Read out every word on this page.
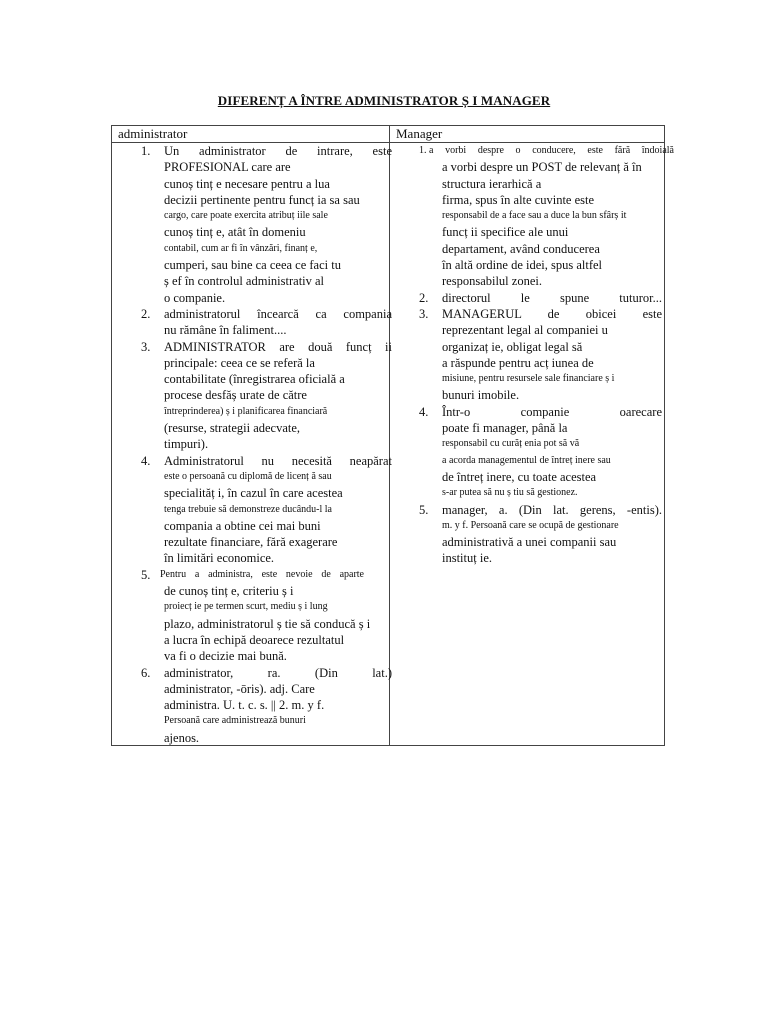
DIFERENȚ A ÎNTRE ADMINISTRATOR Ș I MANAGER
administrator	Manager
1. Un administrator de intrare, este
PROFESIONAL care are
cunoș tinț e necesare pentru a lua
decizii pertinente pentru funcț ia sa sau
cargo, care poate exercita atribuț iile sale
cunoș tinț e, atât în domeniu
contabil, cum ar fi în vânzări, finanț e,
cumperi, sau bine ca ceea ce faci tu
ș ef în controlul administrativ al
o companie.
2. administratorul încearcă ca compania
nu rămâne în faliment....
3. ADMINISTRATOR are două funcț ii
principale: ceea ce se referă la
contabilitate (înregistrarea oficială a
procese desfăș urate de către
întreprinderea) ș i planificarea financiară
(resurse, strategii adecvate,
timpuri).
4. Administratorul nu necesită neapărat
este o persoană cu diplomă de licenț ă sau
specialităț i, în cazul în care acestea
tenga trebuie să demonstreze ducându-l la
compania a obtine cei mai buni
rezultate financiare, fără exagerare
în limitări economice.
5. Pentru a administra, este nevoie de aparte
de cunoș tinț e, criteriu ș i
proiecț ie pe termen scurt, mediu ș i lung
plazo, administratorul ș tie să conducă ș i
a lucra în echipă deoarece rezultatul
va fi o decizie mai bună.
6. administrator, ra. (Din lat.)
administrator, -ōris). adj. Care
administra. U. t. c. s. || 2. m. y f.
Persoană care administrează bunuri
ajenos.
1. a vorbi despre o conducere, este fără îndoială
a vorbi despre un POST de relevanț ă în
structura ierarhică a
firma, spus în alte cuvinte este
responsabil de a face sau a duce la bun sfârș it
funcț ii specifice ale unui
departament, având conducerea
în altă ordine de idei, spus altfel
responsabilul zonei.
2. directorul le spune tuturor...
3. MANAGERUL de obicei este
reprezentant legal al companiei u
organizaț ie, obligat legal să
a răspunde pentru acț iunea de
misiune, pentru resursele sale financiare ș i
bunuri imobile.
4. Într-o companie oarecare
poate fi manager, până la
responsabil cu curăț enia pot să vă
a acorda managementul de întreț inere sau
de întreț inere, cu toate acestea
s-ar putea să nu ș tiu să gestionez.
5. manager, a. (Din lat. gerens, -entis).
m. y f. Persoană care se ocupă de gestionare
administrativă a unei companii sau
instituț ie.
